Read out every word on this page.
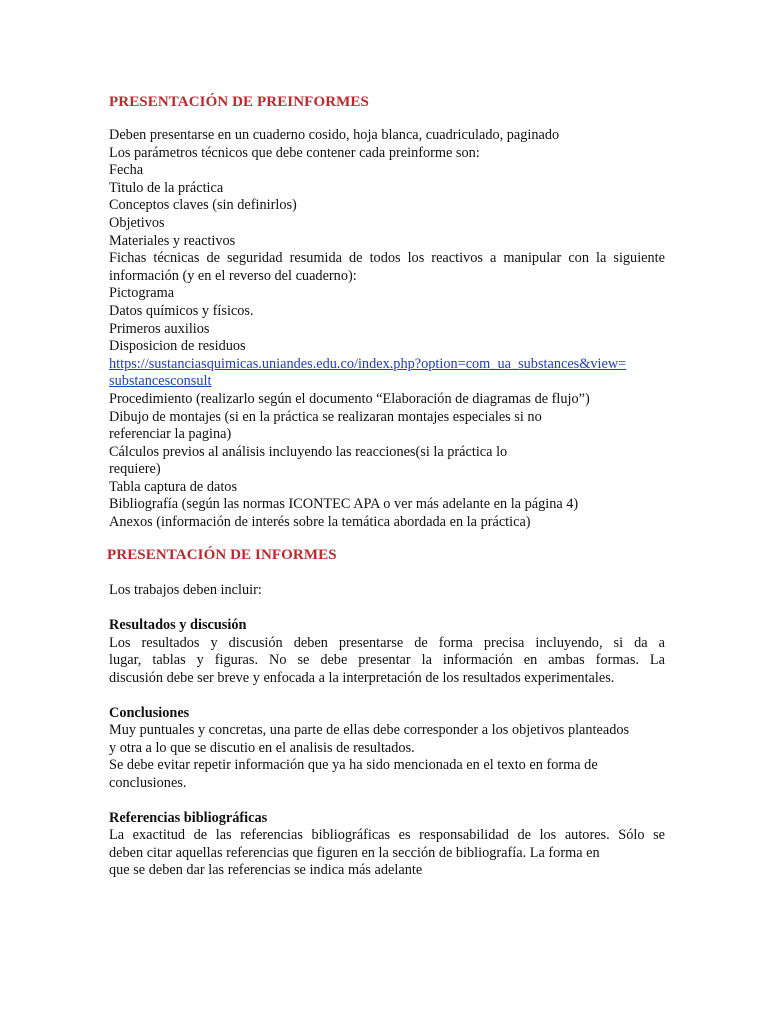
PRESENTACIÓN DE PREINFORMES

Deben presentarse en un cuaderno cosido, hoja blanca, cuadriculado, paginado

Los parámetros técnicos que debe contener cada preinforme son:

Fecha

Titulo de la práctica

Conceptos claves (sin definirlos)

Objetivos

Materiales y reactivos

Fichas técnicas de seguridad resumida de todos los reactivos a manipular con la siguiente

información (y en el reverso del cuaderno):

Pictograma

Datos químicos y físicos.

Primeros auxilios

Disposicion de residuos

https://sustanciasquimicas.uniandes.edu.co/index.php?option=com_ua_substances&view=

substancesconsult

Procedimiento (realizarlo según el documento “Elaboración de diagramas de flujo”)

Dibujo de montajes (si en la práctica se realizaran montajes especiales si no

referenciar la pagina)

Cálculos previos al análisis incluyendo las reacciones(si la práctica lo

requiere)

Tabla captura de datos

Bibliografía (según las normas ICONTEC APA o ver más adelante en la página 4)

Anexos (información de interés sobre la temática abordada en la práctica)

PRESENTACIÓN DE INFORMES

Los trabajos deben incluir:

Resultados y discusión

Los resultados y discusión deben presentarse de forma precisa incluyendo, si da a

lugar, tablas y figuras. No se debe presentar la información en ambas formas. La

discusión debe ser breve y enfocada a la interpretación de los resultados experimentales.

Conclusiones

Muy puntuales y concretas, una parte de ellas debe corresponder a los objetivos planteados

y otra a lo que se discutio en el analisis de resultados.

Se debe evitar repetir información que ya ha sido mencionada en el texto en forma de

conclusiones.

Referencias bibliográficas

La exactitud de las referencias bibliográficas es responsabilidad de los autores. Sólo se

deben citar aquellas referencias que figuren en la sección de bibliografía. La forma en

que se deben dar las referencias se indica más adelante
